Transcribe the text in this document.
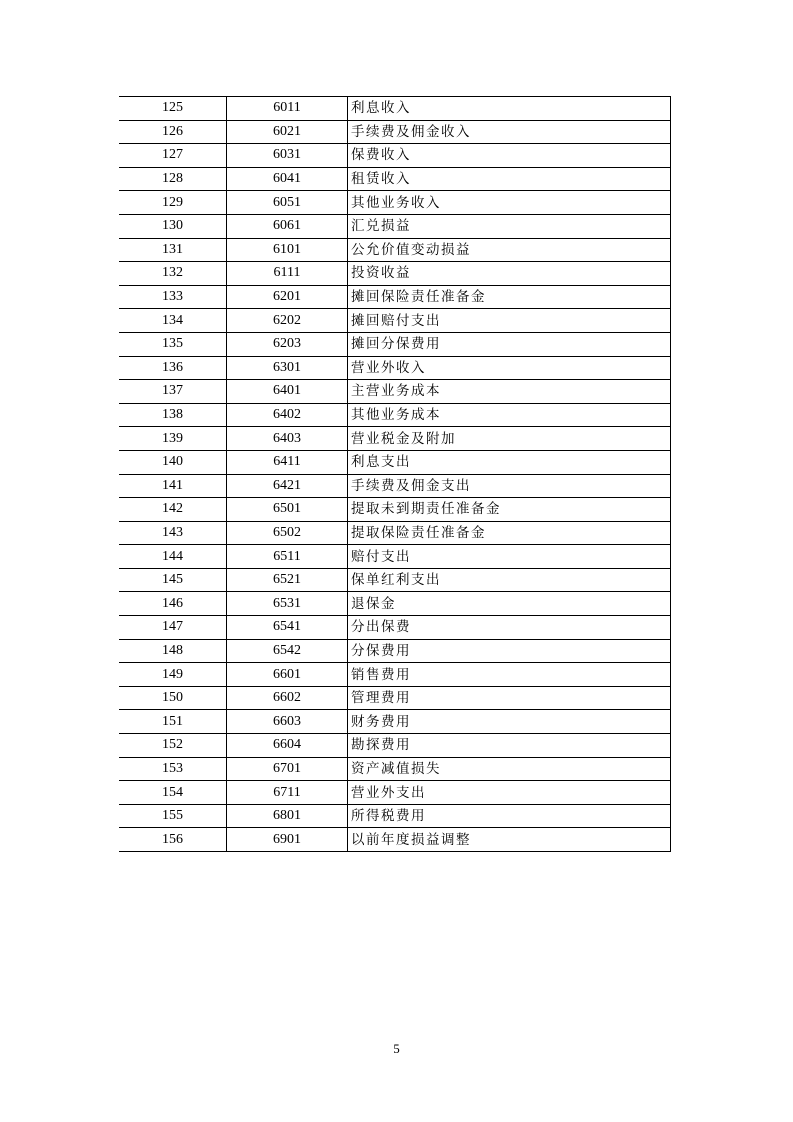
125	6011	利息收入
126	6021	手续费及佣金收入
127	6031	保费收入
128	6041	租赁收入
129	6051	其他业务收入
130	6061	汇兑损益
131	6101	公允价值变动损益
132	6111	投资收益
133	6201	摊回保险责任准备金
134	6202	摊回赔付支出
135	6203	摊回分保费用
136	6301	营业外收入
137	6401	主营业务成本
138	6402	其他业务成本
139	6403	营业税金及附加
140	6411	利息支出
141	6421	手续费及佣金支出
142	6501	提取未到期责任准备金
143	6502	提取保险责任准备金
144	6511	赔付支出
145	6521	保单红利支出
146	6531	退保金
147	6541	分出保费
148	6542	分保费用
149	6601	销售费用
150	6602	管理费用
151	6603	财务费用
152	6604	勘探费用
153	6701	资产减值损失
154	6711	营业外支出
155	6801	所得税费用
156	6901	以前年度损益调整
5
